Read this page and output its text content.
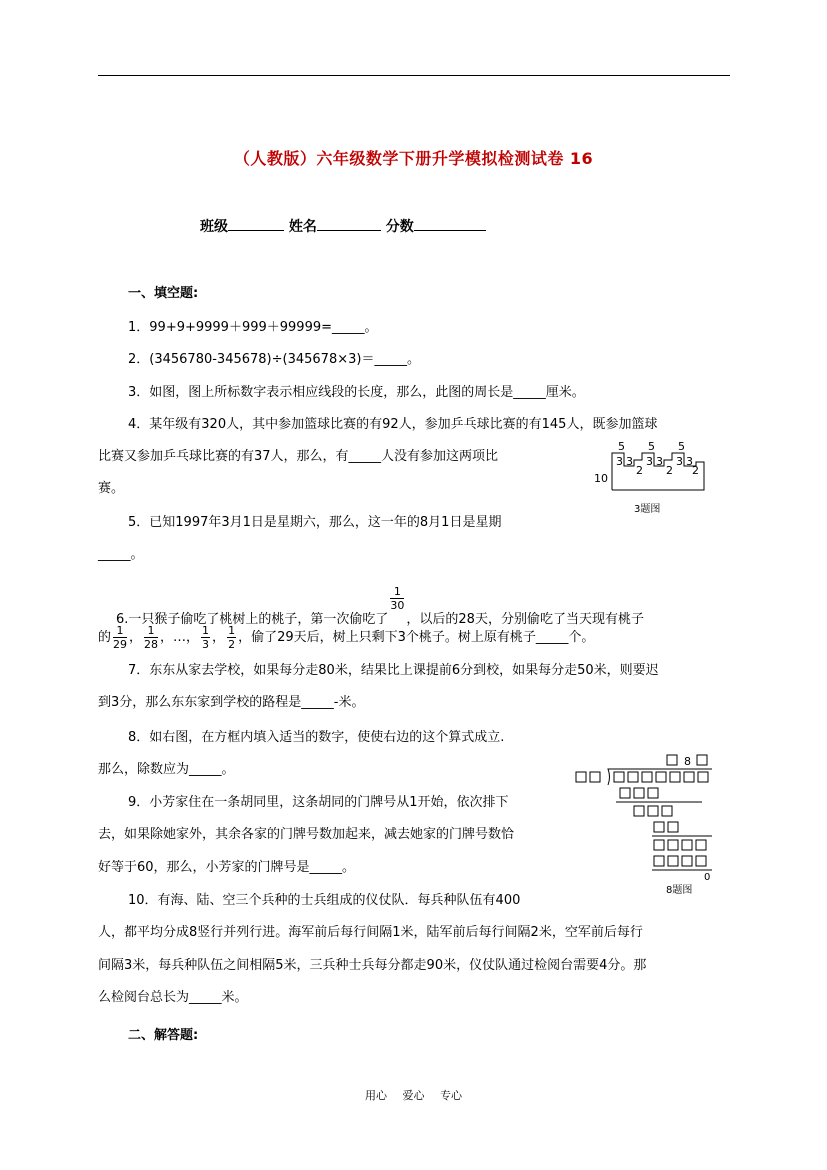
（人教版）六年级数学下册升学模拟检测试卷 16
班级	姓名	分数
一、填空题:
1．99+9+9999＋999＋99999=_____。
2．(3456780-345678)÷(345678×3)＝_____。
3．如图，图上所标数字表示相应线段的长度，那么，此图的周长是_____厘米。
4．某年级有320人，其中参加篮球比赛的有92人，参加乒乓球比赛的有145人，既参加篮球
比赛又参加乒乓球比赛的有37人，那么，有_____人没有参加这两项比
赛。
5．已知1997年3月1日是星期六，那么，这一年的8月1日是星期
_____。
5 5 5
10
3 3 3 3 3 3
2 2 2
3题图
6.一只猴子偷吃了桃树上的桃子，第一次偷吃了
$\frac{1}{30}$
，以后的28天，分别偷吃了当天现有桃子
的 $\frac{1}{29}$ ， $\frac{1}{28}$ ，…， $\frac{1}{3}$ ， $\frac{1}{2}$ ，偷了29天后，树上只剩下3个桃子。树上原有桃子_____个。
7．东东从家去学校，如果每分走80米，结果比上课提前6分到校，如果每分走50米，则要迟
到3分，那么东东家到学校的路程是_____-米。
8．如右图，在方框内填入适当的数字，使使右边的这个算式成立.
那么，除数应为_____。
9．小芳家住在一条胡同里，这条胡同的门牌号从1开始，依次排下
去，如果除她家外，其余各家的门牌号数加起来，减去她家的门牌号数恰
好等于60，那么，小芳家的门牌号是_____。
10．有海、陆、空三个兵种的士兵组成的仪仗队．每兵种队伍有400
人，都平均分成8竖行并列行进。海军前后每行间隔1米，陆军前后每行间隔2米，空军前后每行
间隔3米，每兵种队伍之间相隔5米，三兵种士兵每分都走90米，仪仗队通过检阅台需要4分。那
么检阅台总长为_____米。
8
0
8题图
二、解答题:
用心 爱心 专心
